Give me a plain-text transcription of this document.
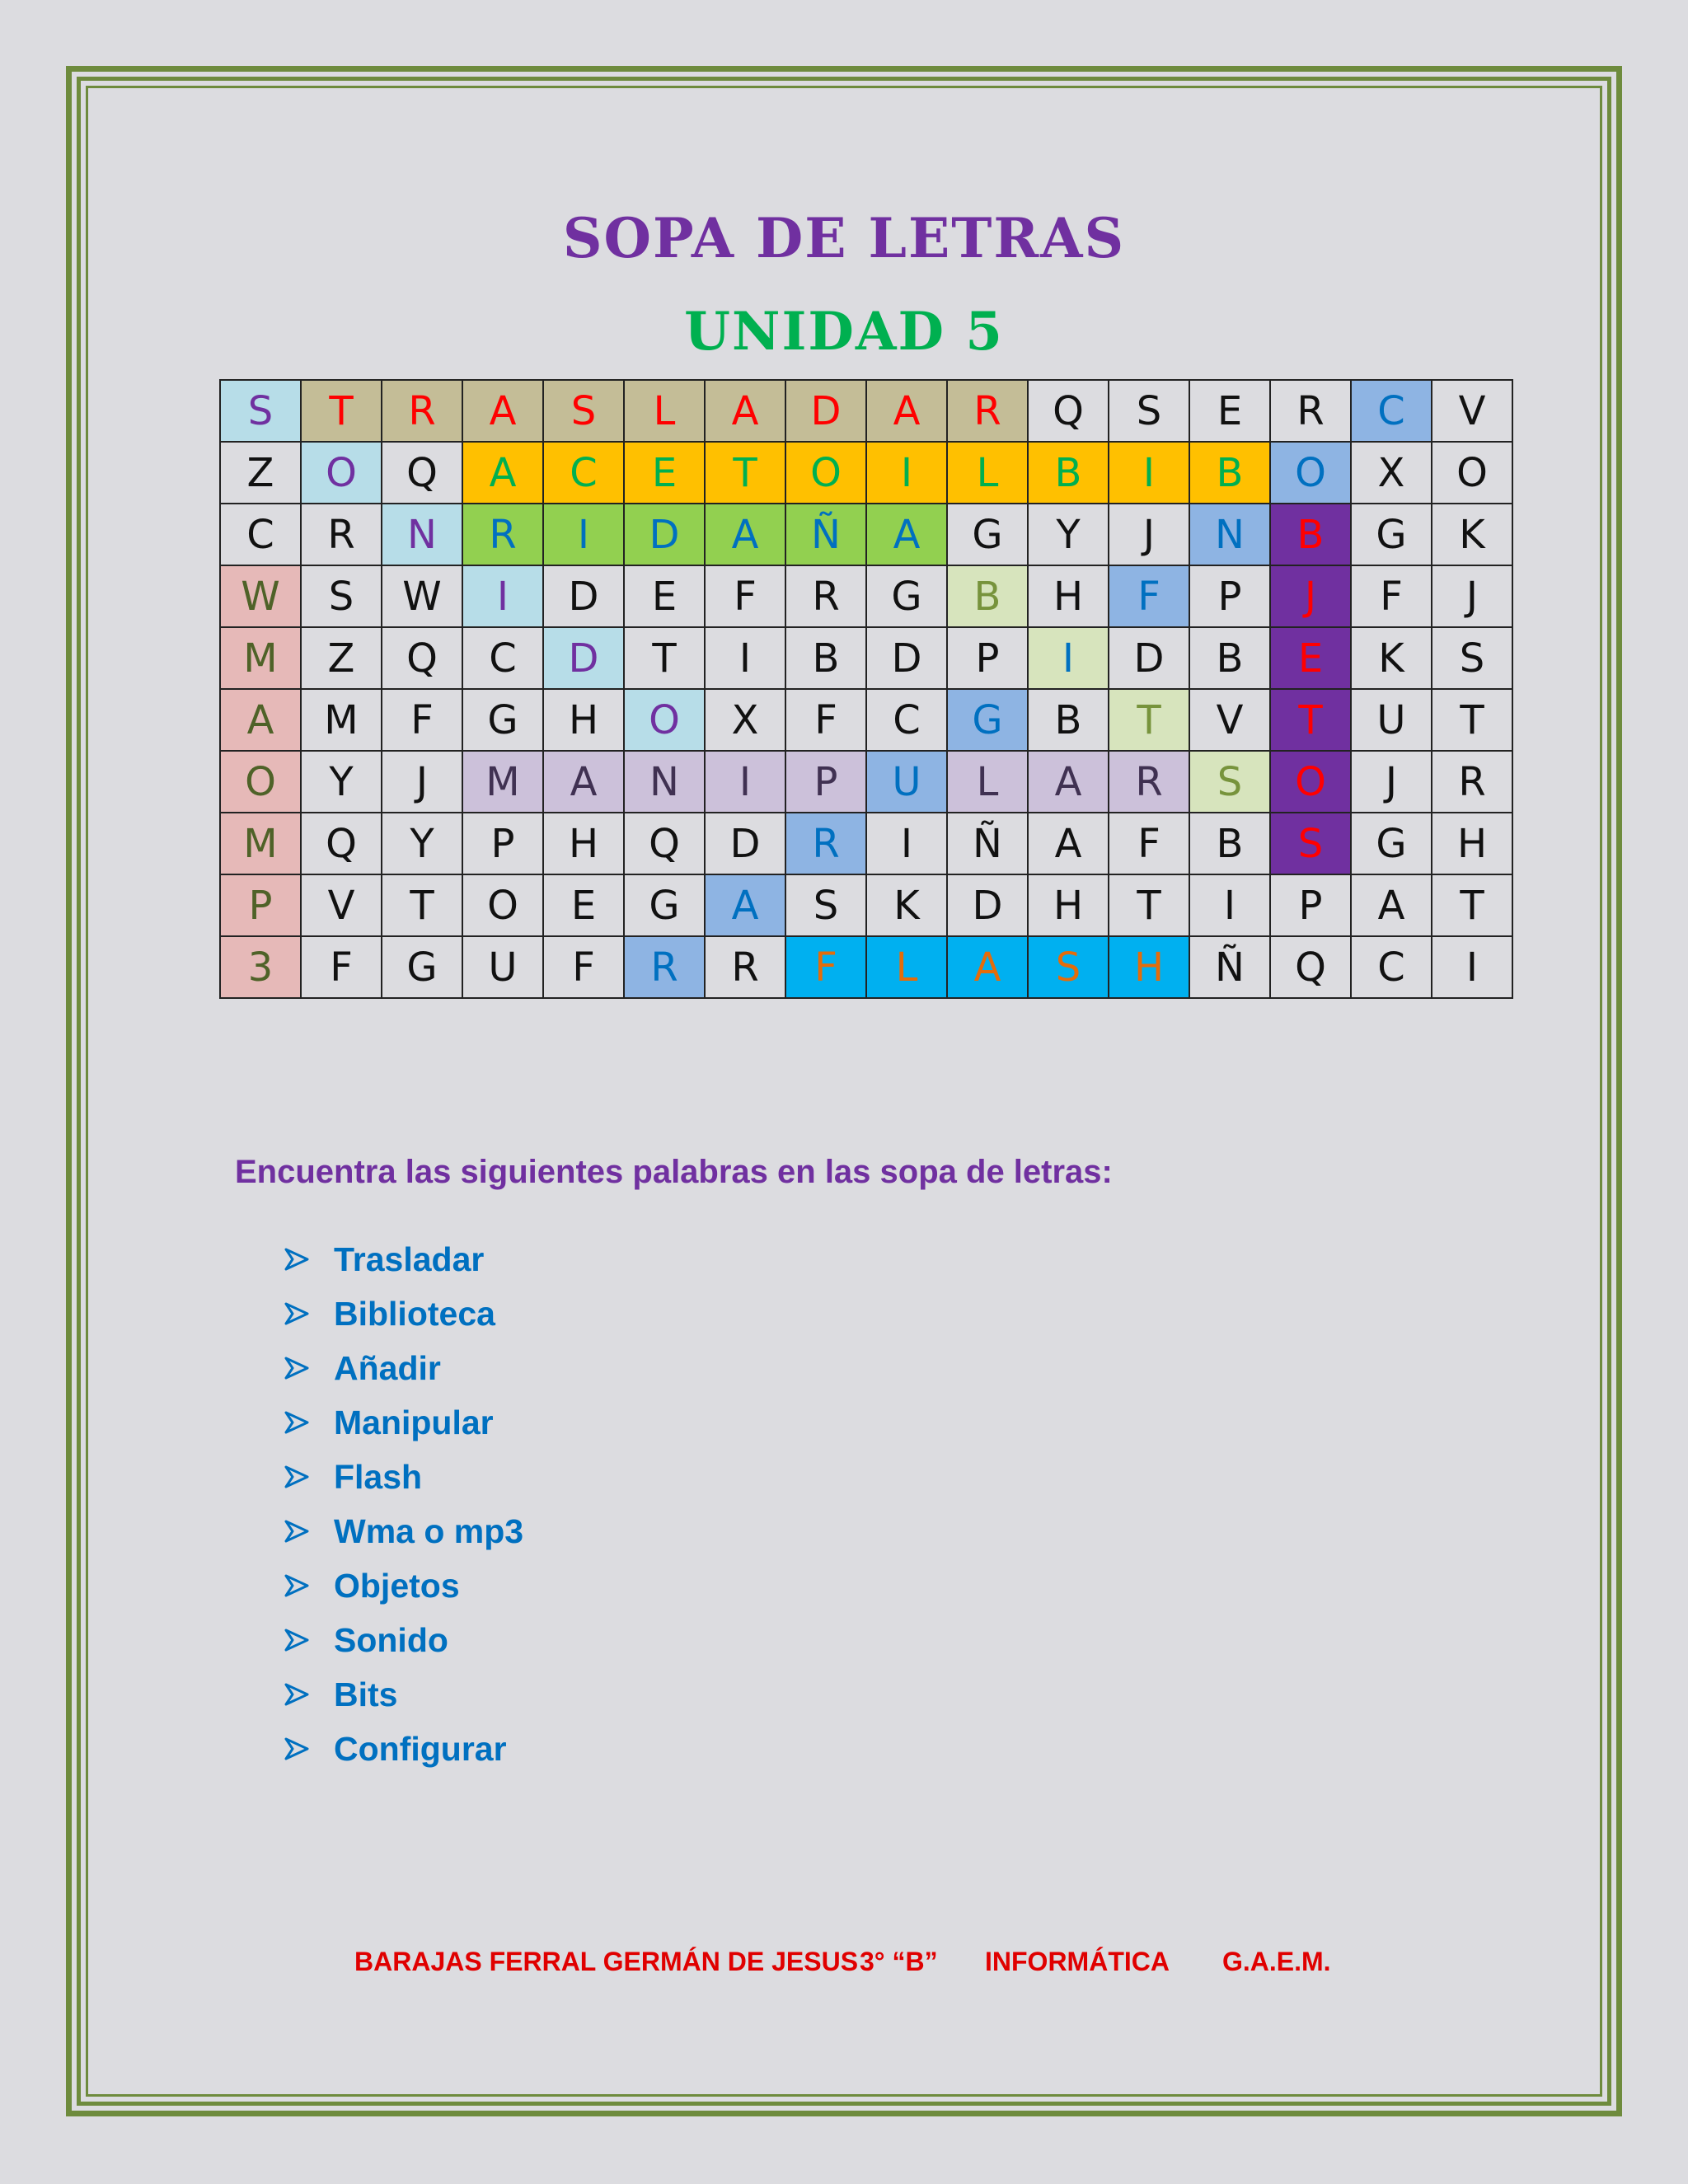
SOPA DE LETRAS
UNIDAD 5
S	T	R	A	S	L	A	D	A	R	Q	S	E	R	C	V
Z	O	Q	A	C	E	T	O	I	L	B	I	B	O	X	O
C	R	N	R	I	D	A	Ñ	A	G	Y	J	N	B	G	K
W	S	W	I	D	E	F	R	G	B	H	F	P	J	F	J
M	Z	Q	C	D	T	I	B	D	P	I	D	B	E	K	S
A	M	F	G	H	O	X	F	C	G	B	T	V	T	U	T
O	Y	J	M	A	N	I	P	U	L	A	R	S	O	J	R
M	Q	Y	P	H	Q	D	R	I	Ñ	A	F	B	S	G	H
P	V	T	O	E	G	A	S	K	D	H	T	I	P	A	T
3	F	G	U	F	R	R	F	L	A	S	H	Ñ	Q	C	I
Encuentra las siguientes palabras en las sopa de letras:
Trasladar
Biblioteca
Añadir
Manipular
Flash
Wma o mp3
Objetos
Sonido
Bits
Configurar
BARAJAS FERRAL GERMÁN DE JESUS 3° “B” INFORMÁTICA G.A.E.M.
